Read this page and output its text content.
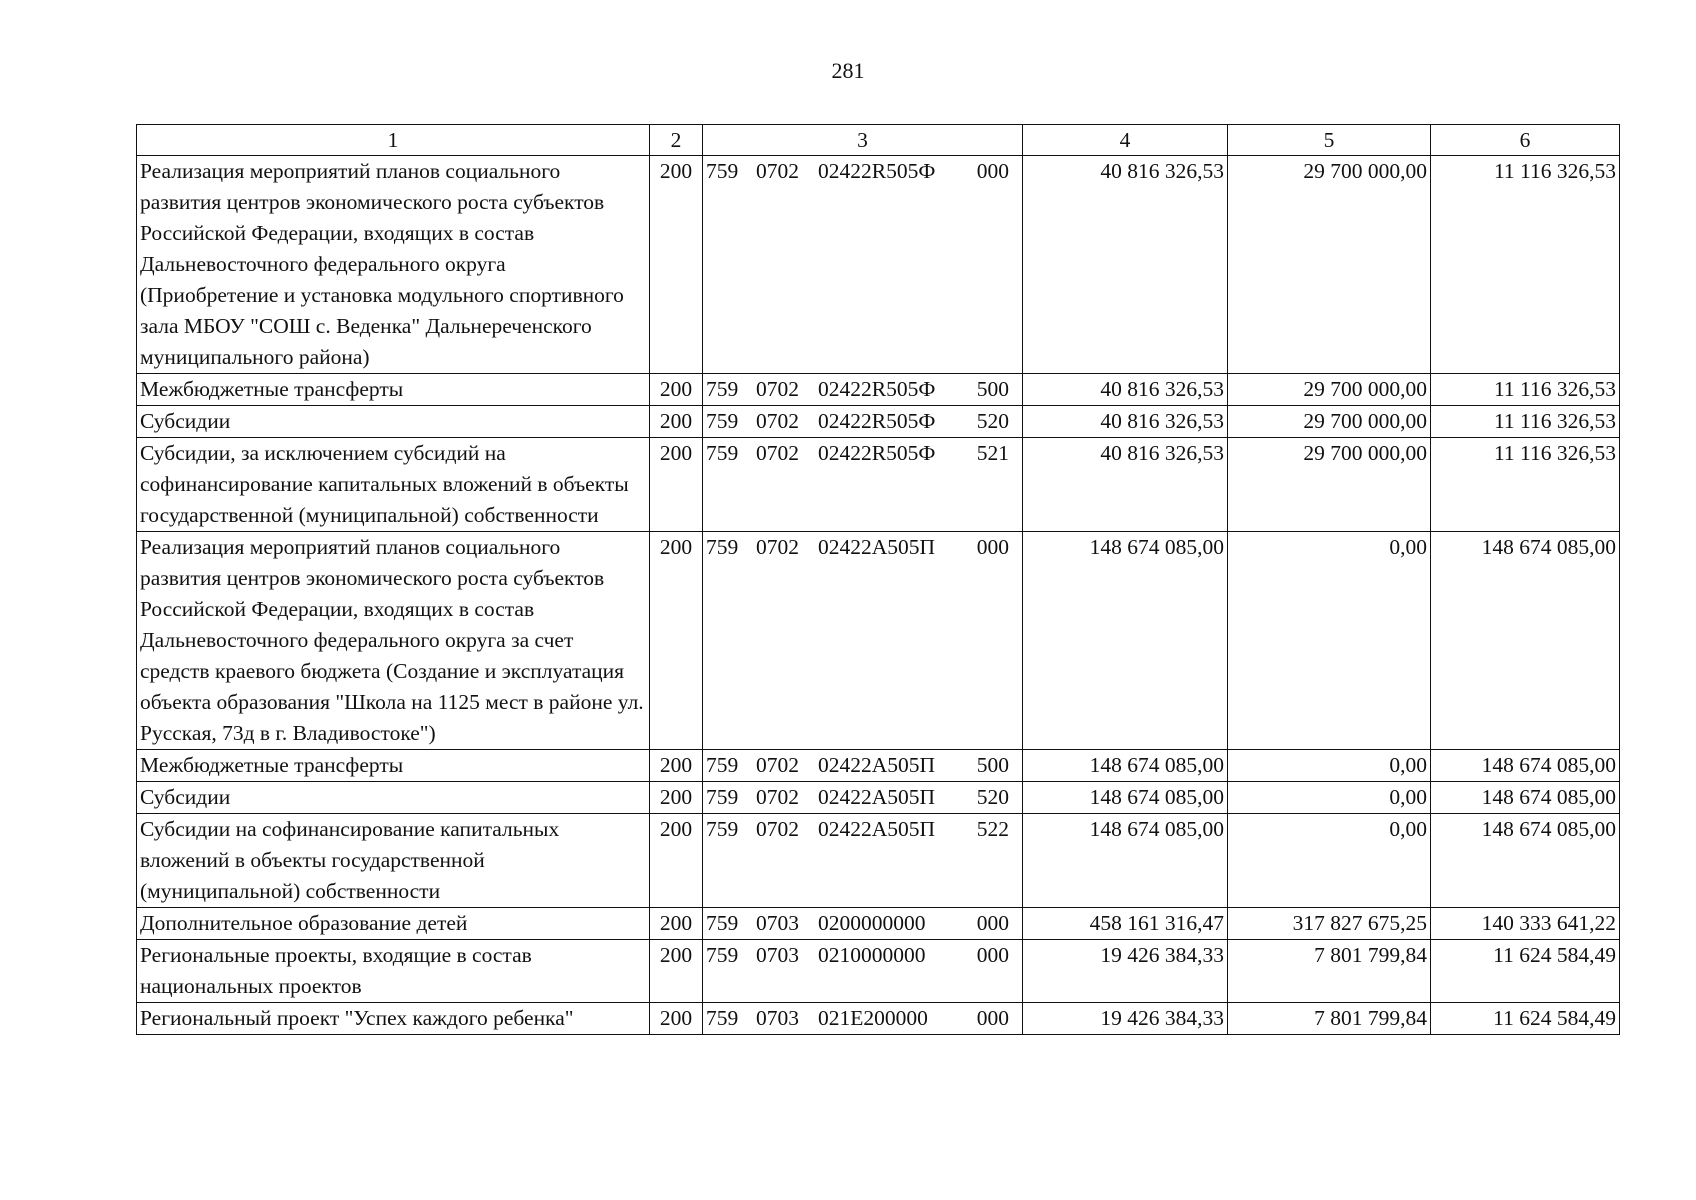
281
1	2	3	4	5	6
Реализация мероприятий планов социального развития центров экономического роста субъектов Российской Федерации, входящих в состав Дальневосточного федерального округа (Приобретение и установка модульного спортивного зала МБОУ "СОШ с. Веденка" Дальнереченского муниципального района)	200	759 0702 02422R505Ф 000	40 816 326,53	29 700 000,00	11 116 326,53
Межбюджетные трансферты	200	759 0702 02422R505Ф 500	40 816 326,53	29 700 000,00	11 116 326,53
Субсидии	200	759 0702 02422R505Ф 520	40 816 326,53	29 700 000,00	11 116 326,53
Субсидии, за исключением субсидий на софинансирование капитальных вложений в объекты государственной (муниципальной) собственности	200	759 0702 02422R505Ф 521	40 816 326,53	29 700 000,00	11 116 326,53
Реализация мероприятий планов социального развития центров экономического роста субъектов Российской Федерации, входящих в состав Дальневосточного федерального округа за счет средств краевого бюджета (Создание и эксплуатация объекта образования "Школа на 1125 мест в районе ул. Русская, 73д в г. Владивостоке")	200	759 0702 02422А505П 000	148 674 085,00	0,00	148 674 085,00
Межбюджетные трансферты	200	759 0702 02422А505П 500	148 674 085,00	0,00	148 674 085,00
Субсидии	200	759 0702 02422А505П 520	148 674 085,00	0,00	148 674 085,00
Субсидии на софинансирование капитальных вложений в объекты государственной (муниципальной) собственности	200	759 0702 02422А505П 522	148 674 085,00	0,00	148 674 085,00
Дополнительное образование детей	200	759 0703 0200000000 000	458 161 316,47	317 827 675,25	140 333 641,22
Региональные проекты, входящие в состав национальных проектов	200	759 0703 0210000000 000	19 426 384,33	7 801 799,84	11 624 584,49
Региональный проект "Успех каждого ребенка"	200	759 0703 021Е200000 000	19 426 384,33	7 801 799,84	11 624 584,49
